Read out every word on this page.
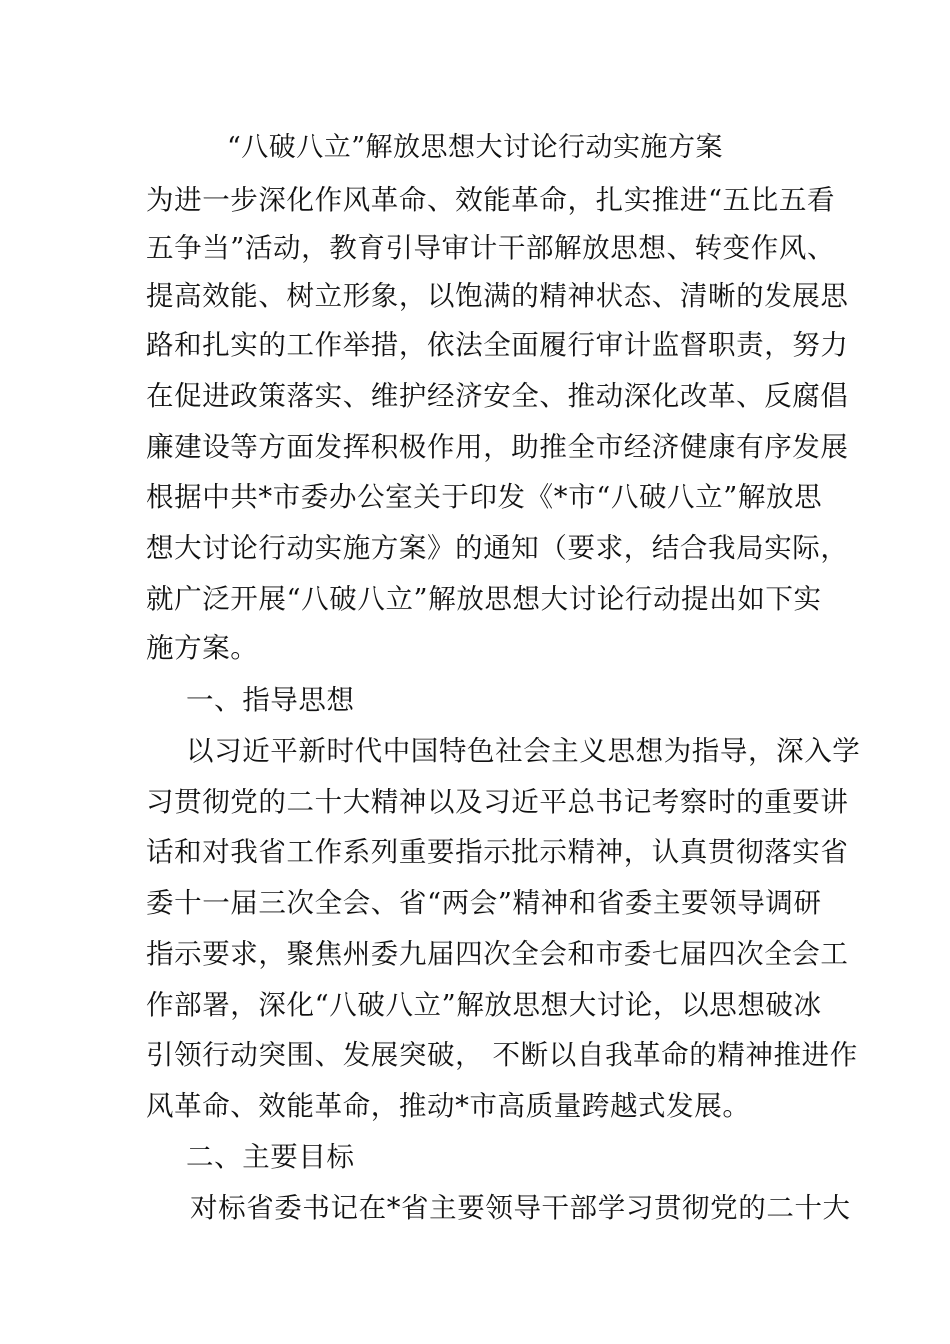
“八破八立”解放思想大讨论行动实施方案
为进一步深化作风革命、效能革命，扎实推进“五比五看
五争当”活动，教育引导审计干部解放思想、转变作风、
提高效能、树立形象，以饱满的精神状态、清晰的发展思
路和扎实的工作举措，依法全面履行审计监督职责，努力
在促进政策落实、维护经济安全、推动深化改革、反腐倡
廉建设等方面发挥积极作用，助推全市经济健康有序发展
根据中共*市委办公室关于印发《*市“八破八立”解放思
想大讨论行动实施方案》的通知（要求，结合我局实际，
就广泛开展“八破八立”解放思想大讨论行动提出如下实
施方案。
一、指导思想
以习近平新时代中国特色社会主义思想为指导，深入学
习贯彻党的二十大精神以及习近平总书记考察时的重要讲
话和对我省工作系列重要指示批示精神，认真贯彻落实省
委十一届三次全会、省“两会”精神和省委主要领导调研
指示要求，聚焦州委九届四次全会和市委七届四次全会工
作部署，深化“八破八立”解放思想大讨论，以思想破冰
引领行动突围、发展突破， 不断以自我革命的精神推进作
风革命、效能革命，推动*市高质量跨越式发展。
二、主要目标
对标省委书记在*省主要领导干部学习贯彻党的二十大
